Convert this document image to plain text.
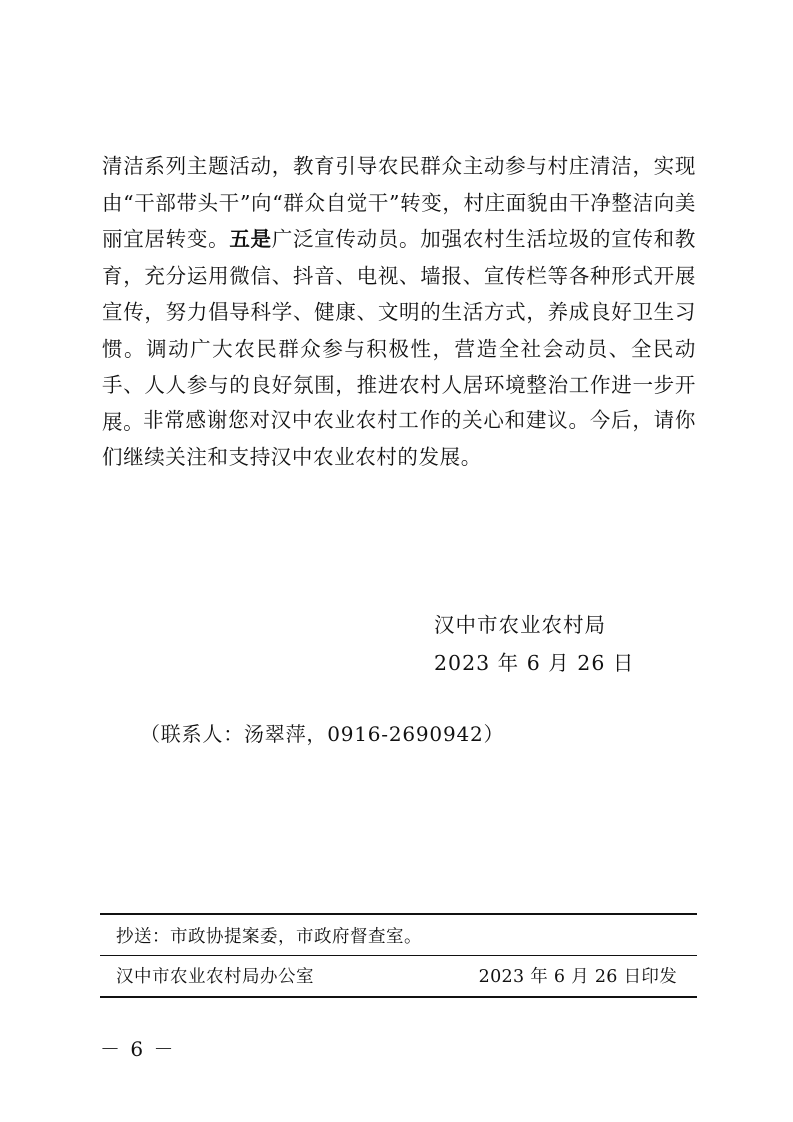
清洁系列主题活动，教育引导农民群众主动参与村庄清洁，实现由“干部带头干”向“群众自觉干”转变，村庄面貌由干净整洁向美丽宜居转变。五是广泛宣传动员。加强农村生活垃圾的宣传和教育，充分运用微信、抖音、电视、墙报、宣传栏等各种形式开展宣传，努力倡导科学、健康、文明的生活方式，养成良好卫生习惯。调动广大农民群众参与积极性，营造全社会动员、全民动手、人人参与的良好氛围，推进农村人居环境整治工作进一步开展。

非常感谢您对汉中农业农村工作的关心和建议。今后，请你们继续关注和支持汉中农业农村的发展。

汉中市农业农村局
2023 年 6 月 26 日
（联系人：汤翠萍，0916-2690942）
抄送：市政协提案委，市政府督查室。
汉中市农业农村局办公室	2023 年 6 月 26 日印发
－ 6 －
